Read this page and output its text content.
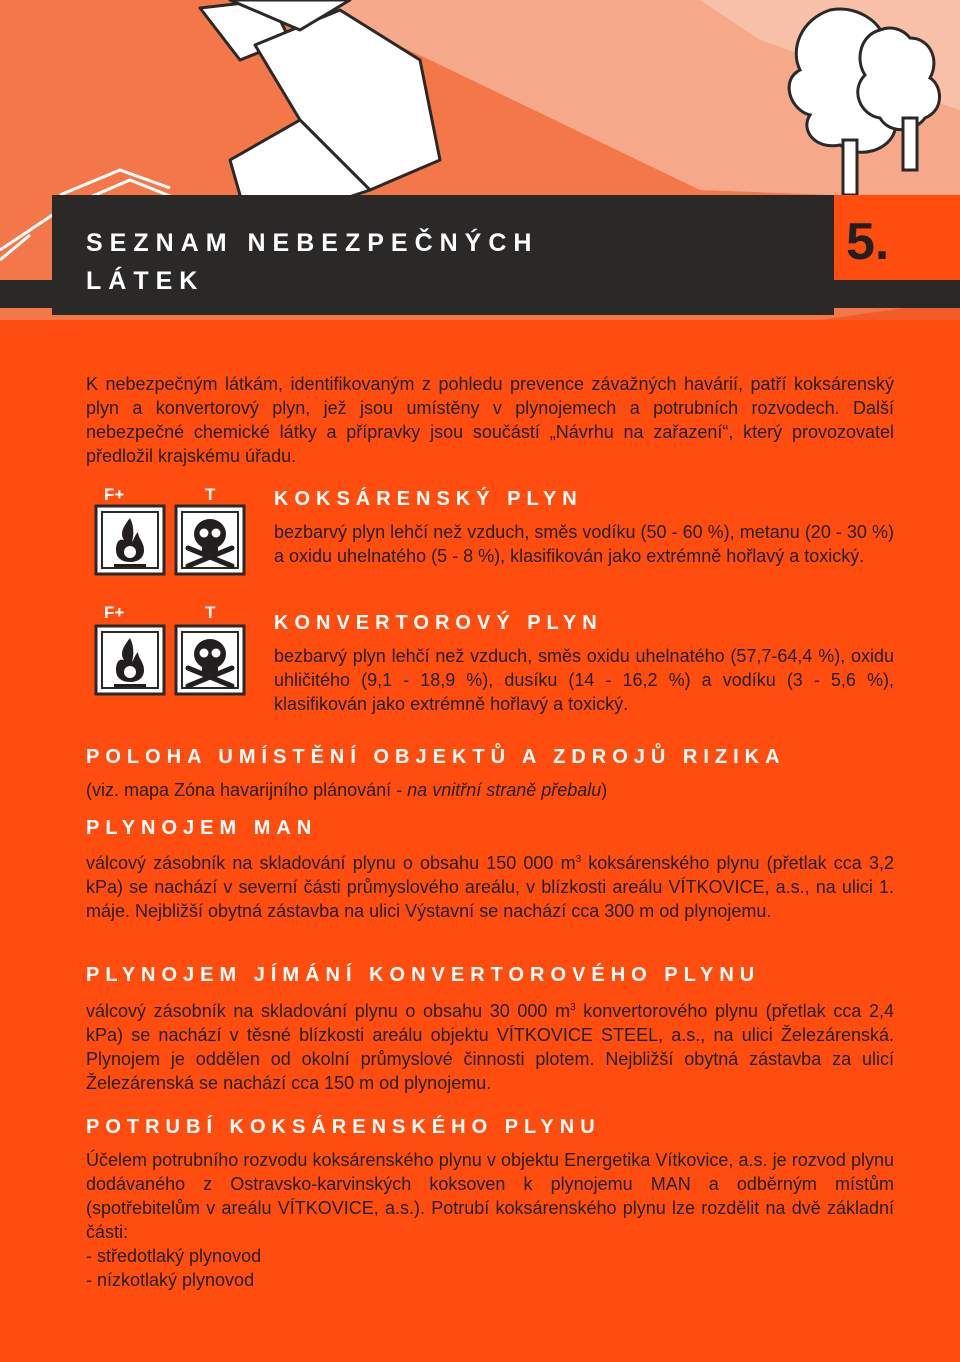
SEZNAM NEBEZPEČNÝCH
LÁTEK
5.

K nebezpečným látkám, identifikovaným z pohledu prevence závažných havárií, patří koksárenský plyn a konvertorový plyn, jež jsou umístěny v plynojemech a potrubních rozvodech. Další nebezpečné chemické látky a přípravky jsou součástí „Návrhu na zařazení“, který provozovatel předložil krajskému úřadu.

F+	T
F+	T
KOKSÁRENSKÝ PLYN

bezbarvý plyn lehčí než vzduch, směs vodíku (50 - 60 %), metanu (20 - 30 %) a oxidu uhelnatého (5 - 8 %), klasifikován jako extrémně hořlavý a toxický.

KONVERTOROVÝ PLYN

bezbarvý plyn lehčí než vzduch, směs oxidu uhelnatého (57,7-64,4 %), oxidu uhličitého (9,1 - 18,9 %), dusíku (14 - 16,2 %) a vodíku (3 - 5,6 %), klasifikován jako extrémně hořlavý a toxický.

POLOHA UMÍSTĚNÍ OBJEKTŮ A ZDROJŮ RIZIKA

(viz. mapa Zóna havarijního plánování - na vnitřní straně přebalu)

PLYNOJEM MAN

válcový zásobník na skladování plynu o obsahu 150 000 $m^3$ koksárenského plynu (přetlak cca 3,2 kPa) se nachází v severní části průmyslového areálu, v blízkosti areálu VÍTKOVICE, a.s., na ulici 1. máje. Nejbližší obytná zástavba na ulici Výstavní se nachází cca 300 m od plynojemu.

PLYNOJEM JÍMÁNÍ KONVERTOROVÉHO PLYNU

válcový zásobník na skladování plynu o obsahu 30 000 $m^3$ konvertorového plynu (přetlak cca 2,4 kPa) se nachází v těsné blízkosti areálu objektu VÍTKOVICE STEEL, a.s., na ulici Železárenská. Plynojem je oddělen od okolní průmyslové činnosti plotem. Nejbližší obytná zástavba za ulicí Železárenská se nachází cca 150 m od plynojemu.

POTRUBÍ KOKSÁRENSKÉHO PLYNU
Účelem potrubního rozvodu koksárenského plynu v objektu Energetika Vítkovice, a.s. je rozvod plynu dodávaného z Ostravsko-karvinských koksoven k plynojemu MAN a odběrným místům (spotřebitelům v areálu VÍTKOVICE, a.s.). Potrubí koksárenského plynu lze rozdělit na dvě základní části:
- středotlaký plynovod
- nízkotlaký plynovod
